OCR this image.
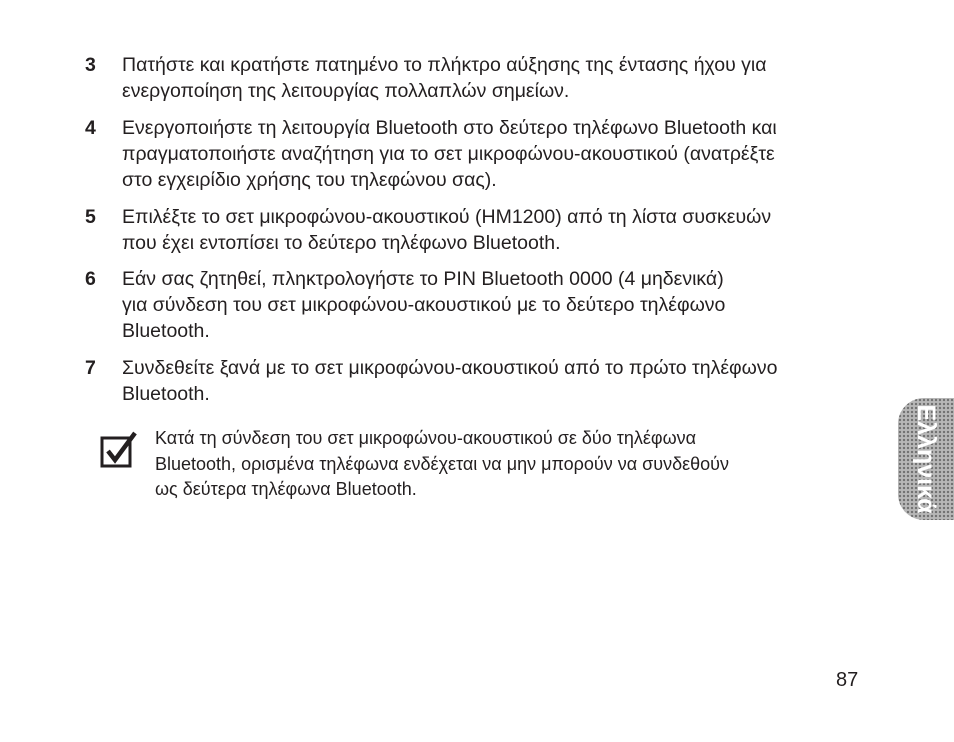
3	Πατήστε και κρατήστε πατημένο το πλήκτρο αύξησης της έντασης ήχου για
ενεργοποίηση της λειτουργίας πολλαπλών σημείων.
4	Ενεργοποιήστε τη λειτουργία Bluetooth στο δεύτερο τηλέφωνο Bluetooth και
πραγματοποιήστε αναζήτηση για το σετ μικροφώνου-ακουστικού (ανατρέξτε
στο εγχειρίδιο χρήσης του τηλεφώνου σας).
5	Επιλέξτε το σετ μικροφώνου-ακουστικού (HM1200) από τη λίστα συσκευών
που έχει εντοπίσει το δεύτερο τηλέφωνο Bluetooth.
6	Εάν σας ζητηθεί, πληκτρολογήστε το PIN Bluetooth 0000 (4 μηδενικά)
για σύνδεση του σετ μικροφώνου-ακουστικού με το δεύτερο τηλέφωνο
Bluetooth.
7	Συνδεθείτε ξανά με το σετ μικροφώνου-ακουστικού από το πρώτο τηλέφωνο
Bluetooth.
Κατά τη σύνδεση του σετ μικροφώνου-ακουστικού σε δύο τηλέφωνα
Bluetooth, ορισμένα τηλέφωνα ενδέχεται να μην μπορούν να συνδεθούν
ως δεύτερα τηλέφωνα Bluetooth.	Ελληνικά
87
